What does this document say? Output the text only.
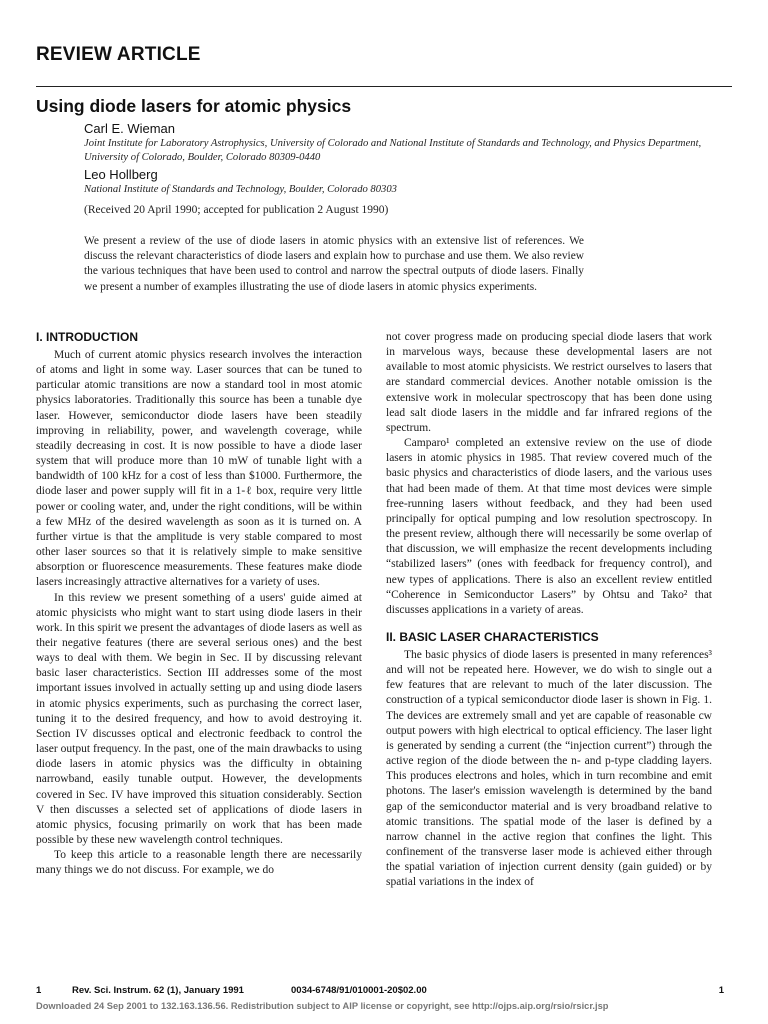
REVIEW ARTICLE
Using diode lasers for atomic physics
Carl E. Wieman
Joint Institute for Laboratory Astrophysics, University of Colorado and National Institute of Standards and Technology, and Physics Department, University of Colorado, Boulder, Colorado 80309-0440
Leo Hollberg
National Institute of Standards and Technology, Boulder, Colorado 80303
(Received 20 April 1990; accepted for publication 2 August 1990)

We present a review of the use of diode lasers in atomic physics with an extensive list of references. We discuss the relevant characteristics of diode lasers and explain how to purchase and use them. We also review the various techniques that have been used to control and narrow the spectral outputs of diode lasers. Finally we present a number of examples illustrating the use of diode lasers in atomic physics experiments.

I. INTRODUCTION

Much of current atomic physics research involves the interaction of atoms and light in some way. Laser sources that can be tuned to particular atomic transitions are now a standard tool in most atomic physics laboratories. Traditionally this source has been a tunable dye laser. However, semiconductor diode lasers have been steadily improving in reliability, power, and wavelength coverage, while steadily decreasing in cost. It is now possible to have a diode laser system that will produce more than 10 mW of tunable light with a bandwidth of 100 kHz for a cost of less than $1000. Furthermore, the diode laser and power supply will fit in a 1-ℓ box, require very little power or cooling water, and, under the right conditions, will be within a few MHz of the desired wavelength as soon as it is turned on. A further virtue is that the amplitude is very stable compared to most other laser sources so that it is relatively simple to make sensitive absorption or fluorescence measurements. These features make diode lasers increasingly attractive alternatives for a variety of uses.

In this review we present something of a users' guide aimed at atomic physicists who might want to start using diode lasers in their work. In this spirit we present the advantages of diode lasers as well as their negative features (there are several serious ones) and the best ways to deal with them. We begin in Sec. II by discussing relevant basic laser characteristics. Section III addresses some of the most important issues involved in actually setting up and using diode lasers in atomic physics experiments, such as purchasing the correct laser, tuning it to the desired frequency, and how to avoid destroying it. Section IV discusses optical and electronic feedback to control the laser output frequency. In the past, one of the main drawbacks to using diode lasers in atomic physics was the difficulty in obtaining narrowband, easily tunable output. However, the developments covered in Sec. IV have improved this situation considerably. Section V then discusses a selected set of applications of diode lasers in atomic physics, focusing primarily on work that has been made possible by these new wavelength control techniques.

To keep this article to a reasonable length there are necessarily many things we do not discuss. For example, we do

not cover progress made on producing special diode lasers that work in marvelous ways, because these developmental lasers are not available to most atomic physicists. We restrict ourselves to lasers that are standard commercial devices. Another notable omission is the extensive work in molecular spectroscopy that has been done using lead salt diode lasers in the middle and far infrared regions of the spectrum.

Camparo¹ completed an extensive review on the use of diode lasers in atomic physics in 1985. That review covered much of the basic physics and characteristics of diode lasers, and the various uses that had been made of them. At that time most devices were simple free-running lasers without feedback, and they had been used principally for optical pumping and low resolution spectroscopy. In the present review, although there will necessarily be some overlap of that discussion, we will emphasize the recent developments including “stabilized lasers” (ones with feedback for frequency control), and new types of applications. There is also an excellent review entitled “Coherence in Semiconductor Lasers” by Ohtsu and Tako² that discusses applications in a variety of areas.

II. BASIC LASER CHARACTERISTICS

The basic physics of diode lasers is presented in many references³ and will not be repeated here. However, we do wish to single out a few features that are relevant to much of the later discussion. The construction of a typical semiconductor diode laser is shown in Fig. 1. The devices are extremely small and yet are capable of reasonable cw output powers with high electrical to optical efficiency. The laser light is generated by sending a current (the “injection current”) through the active region of the diode between the n- and p-type cladding layers. This produces electrons and holes, which in turn recombine and emit photons. The laser's emission wavelength is determined by the band gap of the semiconductor material and is very broadband relative to atomic transitions. The spatial mode of the laser is defined by a narrow channel in the active region that confines the light. This confinement of the transverse laser mode is achieved either through the spatial variation of injection current density (gain guided) or by spatial variations in the index of

1	Rev. Sci. Instrum. 62 (1), January 1991	0034-6748/91/010001-20$02.00	1
Downloaded 24 Sep 2001 to 132.163.136.56. Redistribution subject to AIP license or copyright, see http://ojps.aip.org/rsio/rsicr.jsp
